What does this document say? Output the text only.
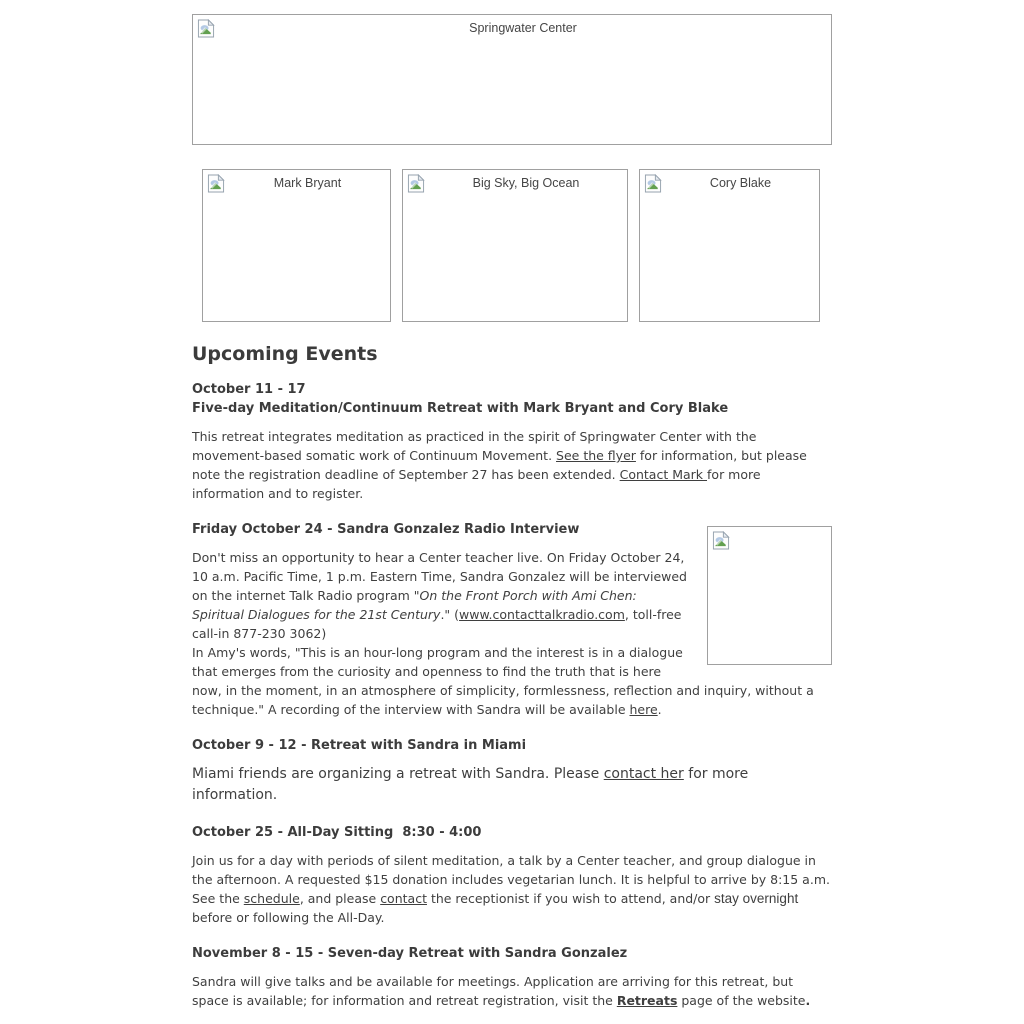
Springwater Center
Mark Bryant	Big Sky, Big Ocean	Cory Blake
Upcoming Events
October 11 - 17
Five-day Meditation/Continuum Retreat with Mark Bryant and Cory Blake

This retreat integrates meditation as practiced in the spirit of Springwater Center with the movement-based somatic work of Continuum Movement. See the flyer for information, but please note the registration deadline of September 27 has been extended. Contact Mark for more information and to register.

Friday October 24 - Sandra Gonzalez Radio Interview

Don't miss an opportunity to hear a Center teacher live. On Friday October 24, 10 a.m. Pacific Time, 1 p.m. Eastern Time, Sandra Gonzalez will be interviewed on the internet Talk Radio program "On the Front Porch with Ami Chen: Spiritual Dialogues for the 21st Century." (www.contacttalkradio.com, toll-free call-in 877-230 3062)
In Amy's words, "This is an hour-long program and the interest is in a dialogue that emerges from the curiosity and openness to find the truth that is here now, in the moment, in an atmosphere of simplicity, formlessness, reflection and inquiry, without a technique." A recording of the interview with Sandra will be available here.

October 9 - 12 - Retreat with Sandra in Miami

Miami friends are organizing a retreat with Sandra. Please contact her for more information.

October 25 - All-Day Sitting  8:30 - 4:00

Join us for a day with periods of silent meditation, a talk by a Center teacher, and group dialogue in the afternoon. A requested $15 donation includes vegetarian lunch. It is helpful to arrive by 8:15 a.m. See the schedule, and please contact the receptionist if you wish to attend, and/or stay overnight before or following the All-Day.

November 8 - 15 - Seven-day Retreat with Sandra Gonzalez

Sandra will give talks and be available for meetings. Application are arriving for this retreat, but space is available; for information and retreat registration, visit the Retreats page of the website.
